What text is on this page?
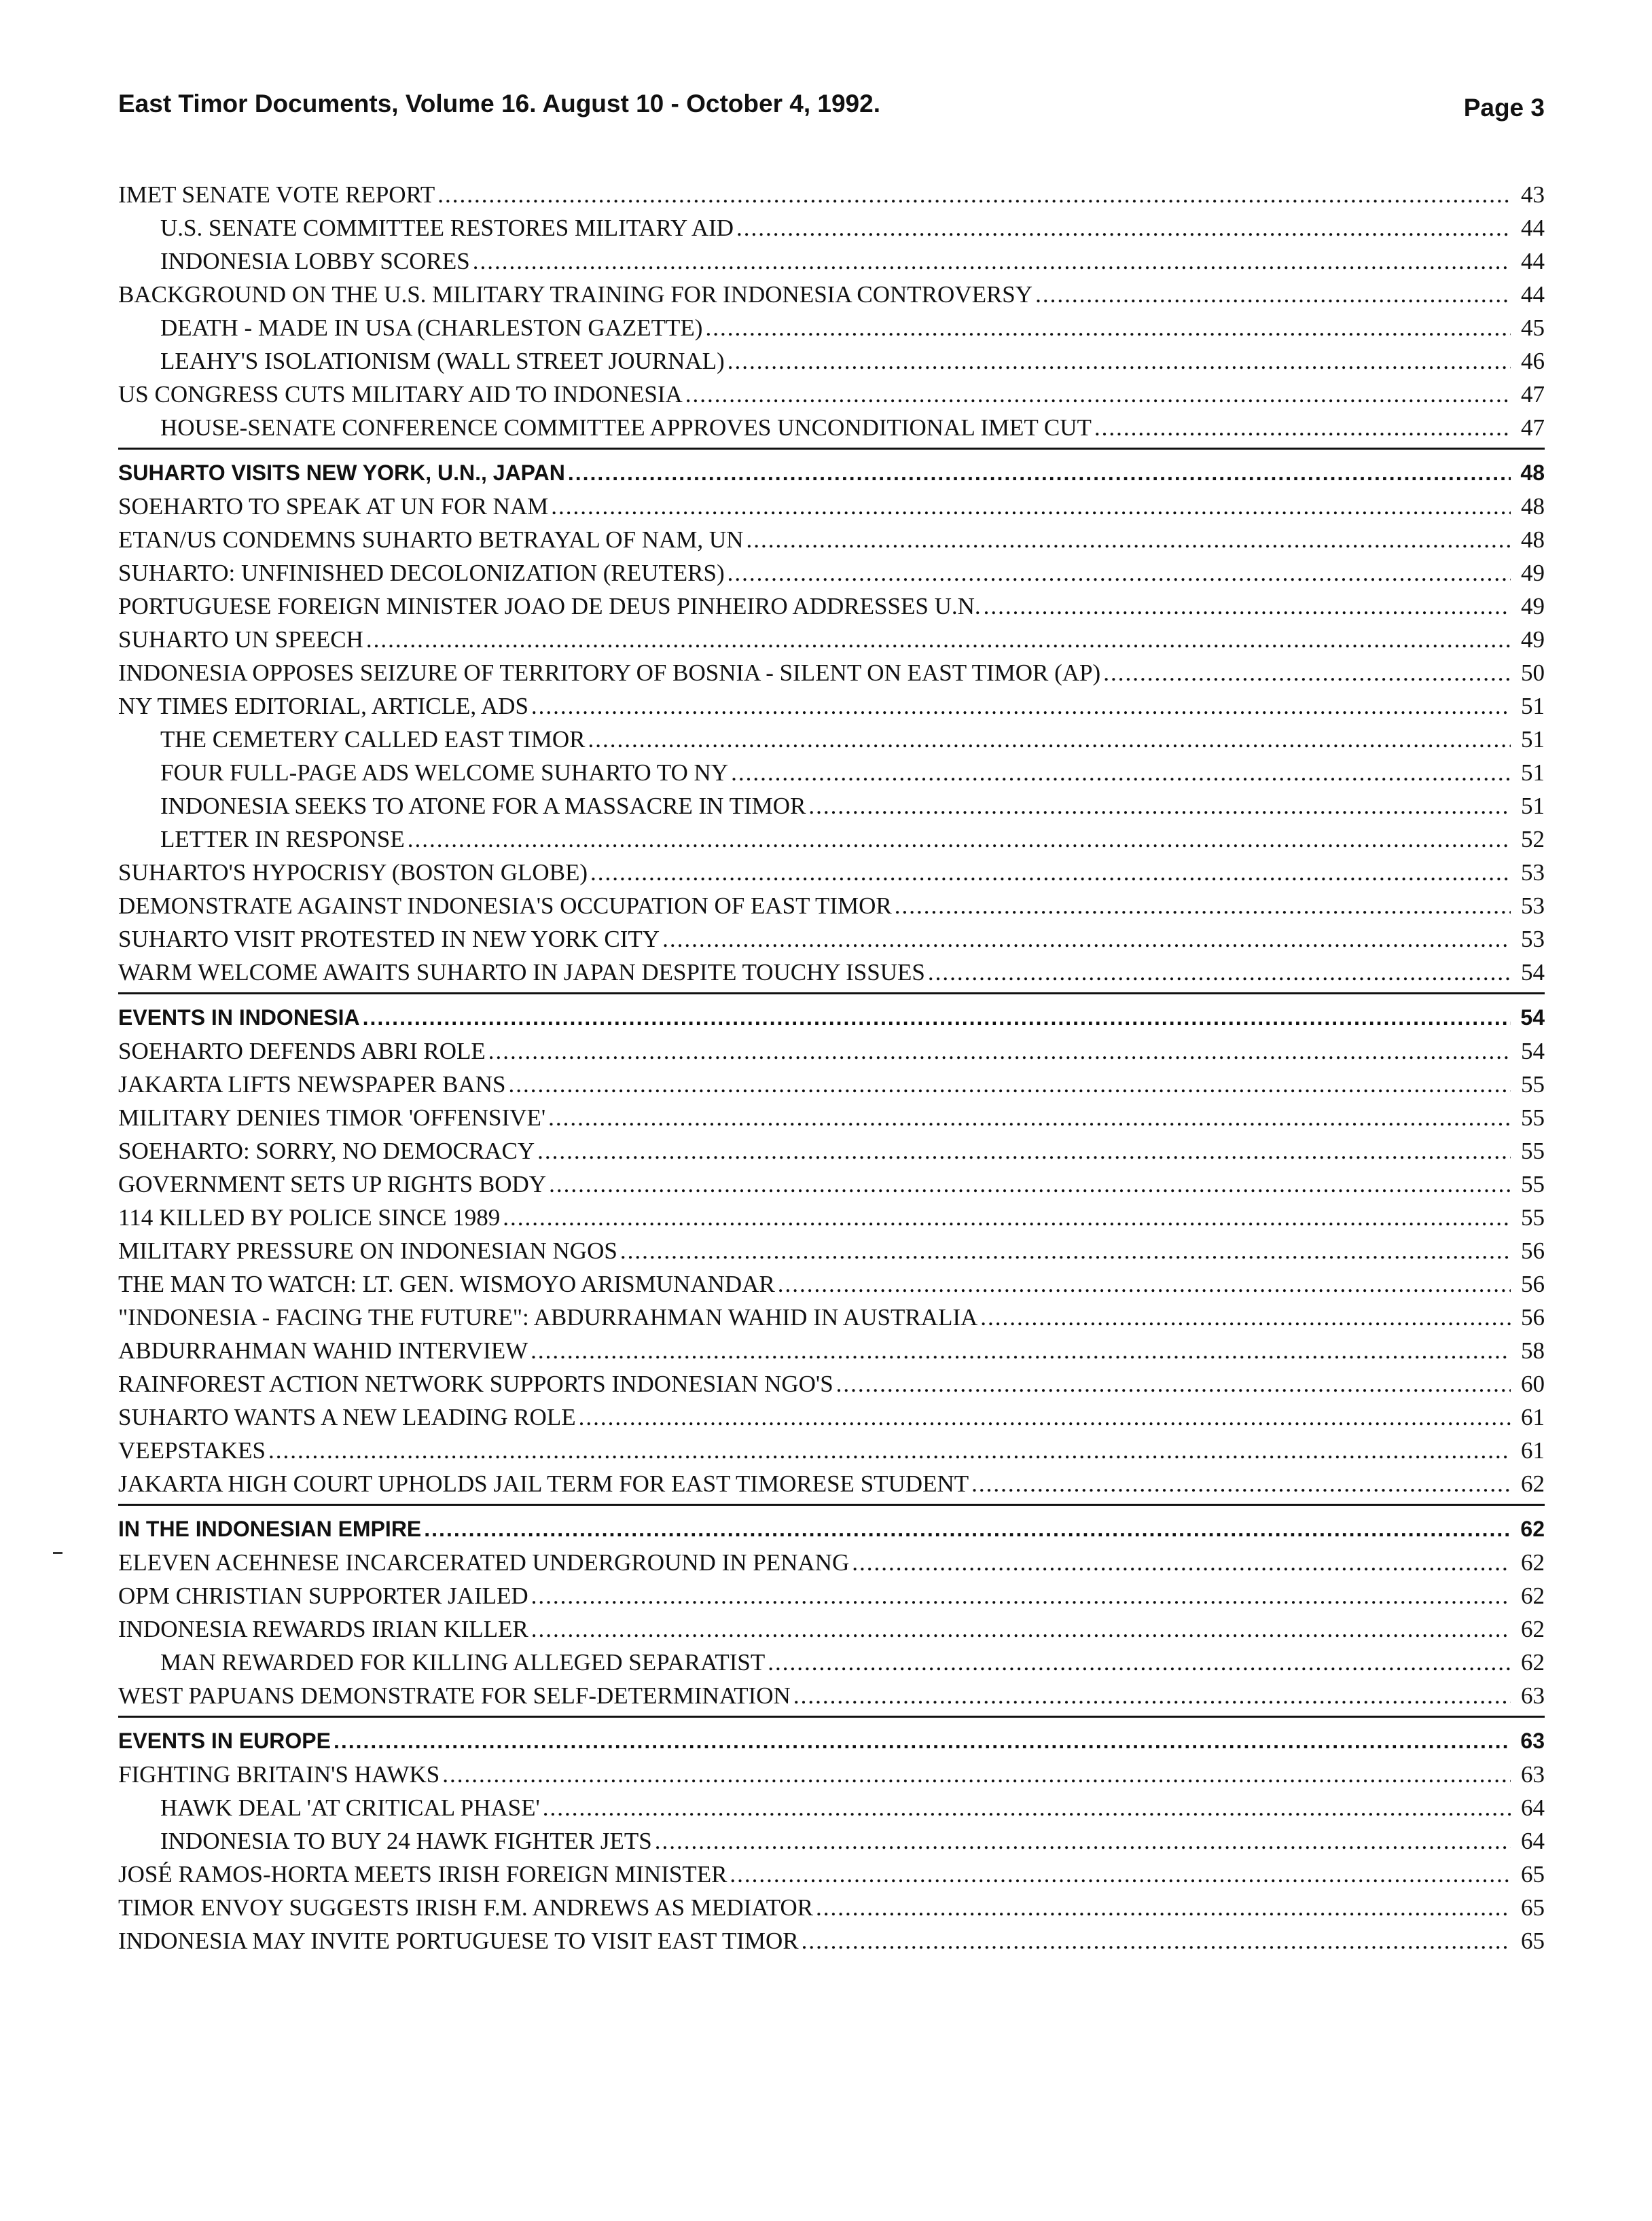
East Timor Documents, Volume 16. August 10 - October 4, 1992.	Page 3
IMET SENATE VOTE REPORT .....	43
U.S. SENATE COMMITTEE RESTORES MILITARY AID .....	44
INDONESIA LOBBY SCORES .....	44
BACKGROUND ON THE U.S. MILITARY TRAINING FOR INDONESIA CONTROVERSY .....	44
DEATH - MADE IN USA (CHARLESTON GAZETTE) .....	45
LEAHY'S ISOLATIONISM (WALL STREET JOURNAL) .....	46
US CONGRESS CUTS MILITARY AID TO INDONESIA .....	47
HOUSE-SENATE CONFERENCE COMMITTEE APPROVES UNCONDITIONAL IMET CUT .....	47
SUHARTO VISITS NEW YORK, U.N., JAPAN .....	48
SOEHARTO TO SPEAK AT UN FOR NAM .....	48
ETAN/US CONDEMNS SUHARTO BETRAYAL OF NAM, UN .....	48
SUHARTO: UNFINISHED DECOLONIZATION (REUTERS) .....	49
PORTUGUESE FOREIGN MINISTER JOAO DE DEUS PINHEIRO ADDRESSES U.N. .....	49
SUHARTO UN SPEECH .....	49
INDONESIA OPPOSES SEIZURE OF TERRITORY OF BOSNIA - SILENT ON EAST TIMOR (AP) .....	50
NY TIMES EDITORIAL, ARTICLE, ADS .....	51
THE CEMETERY CALLED EAST TIMOR .....	51
FOUR FULL-PAGE ADS WELCOME SUHARTO TO NY .....	51
INDONESIA SEEKS TO ATONE FOR A MASSACRE IN TIMOR .....	51
LETTER IN RESPONSE .....	52
SUHARTO'S HYPOCRISY (BOSTON GLOBE) .....	53
DEMONSTRATE AGAINST INDONESIA'S OCCUPATION OF EAST TIMOR .....	53
SUHARTO VISIT PROTESTED IN NEW YORK CITY .....	53
WARM WELCOME AWAITS SUHARTO IN JAPAN DESPITE TOUCHY ISSUES .....	54
EVENTS IN INDONESIA .....	54
SOEHARTO DEFENDS ABRI ROLE .....	54
JAKARTA LIFTS NEWSPAPER BANS .....	55
MILITARY DENIES TIMOR 'OFFENSIVE' .....	55
SOEHARTO: SORRY, NO DEMOCRACY .....	55
GOVERNMENT SETS UP RIGHTS BODY .....	55
114 KILLED BY POLICE SINCE 1989 .....	55
MILITARY PRESSURE ON INDONESIAN NGOS .....	56
THE MAN TO WATCH: LT. GEN. WISMOYO ARISMUNANDAR .....	56
"INDONESIA - FACING THE FUTURE": ABDURRAHMAN WAHID IN AUSTRALIA .....	56
ABDURRAHMAN WAHID INTERVIEW .....	58
RAINFOREST ACTION NETWORK SUPPORTS INDONESIAN NGO'S .....	60
SUHARTO WANTS A NEW LEADING ROLE .....	61
VEEPSTAKES .....	61
JAKARTA HIGH COURT UPHOLDS JAIL TERM FOR EAST TIMORESE STUDENT .....	62
IN THE INDONESIAN EMPIRE .....	62
ELEVEN ACEHNESE INCARCERATED UNDERGROUND IN PENANG .....	62
OPM CHRISTIAN SUPPORTER JAILED .....	62
INDONESIA REWARDS IRIAN KILLER .....	62
MAN REWARDED FOR KILLING ALLEGED SEPARATIST .....	62
WEST PAPUANS DEMONSTRATE FOR SELF-DETERMINATION .....	63
EVENTS IN EUROPE .....	63
FIGHTING BRITAIN'S HAWKS .....	63
HAWK DEAL 'AT CRITICAL PHASE' .....	64
INDONESIA TO BUY 24 HAWK FIGHTER JETS .....	64
JOSÉ RAMOS-HORTA MEETS IRISH FOREIGN MINISTER .....	65
TIMOR ENVOY SUGGESTS IRISH F.M. ANDREWS AS MEDIATOR .....	65
INDONESIA MAY INVITE PORTUGUESE TO VISIT EAST TIMOR .....	65
